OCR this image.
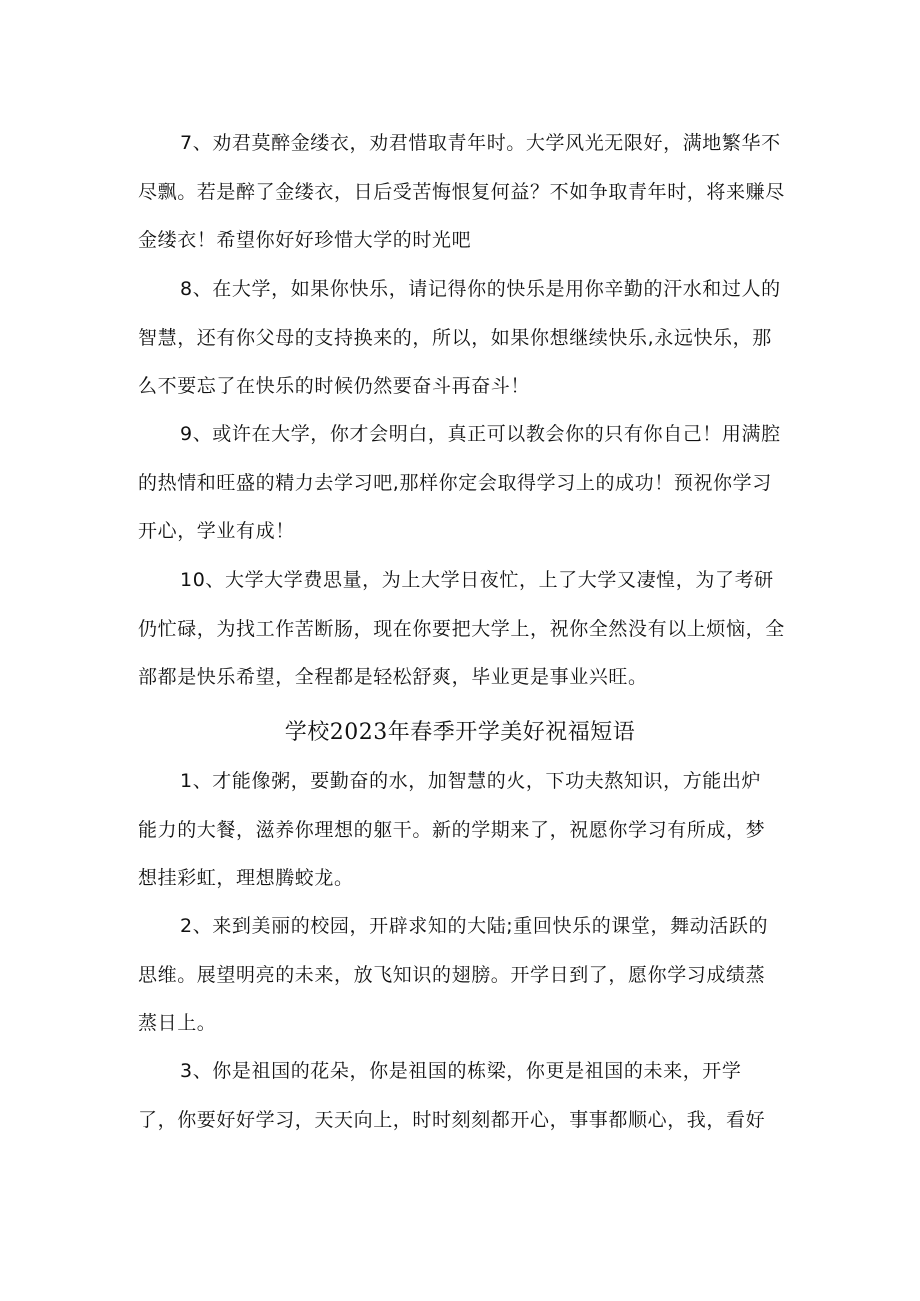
7、劝君莫醉金缕衣，劝君惜取青年时。大学风光无限好，满地繁华不
尽飘。若是醉了金缕衣，日后受苦悔恨复何益？不如争取青年时，将来赚尽
金缕衣！希望你好好珍惜大学的时光吧
8、在大学，如果你快乐，请记得你的快乐是用你辛勤的汗水和过人的
智慧，还有你父母的支持换来的，所以，如果你想继续快乐,永远快乐，那
么不要忘了在快乐的时候仍然要奋斗再奋斗！
9、或许在大学，你才会明白，真正可以教会你的只有你自己！用满腔
的热情和旺盛的精力去学习吧,那样你定会取得学习上的成功！预祝你学习
开心，学业有成！
10、大学大学费思量，为上大学日夜忙，上了大学又凄惶，为了考研
仍忙碌，为找工作苦断肠，现在你要把大学上，祝你全然没有以上烦恼，全
部都是快乐希望，全程都是轻松舒爽，毕业更是事业兴旺。
学校2023年春季开学美好祝福短语
1、才能像粥，要勤奋的水，加智慧的火，下功夫熬知识，方能出炉
能力的大餐，滋养你理想的躯干。新的学期来了，祝愿你学习有所成，梦
想挂彩虹，理想腾蛟龙。
2、来到美丽的校园，开辟求知的大陆;重回快乐的课堂，舞动活跃的
思维。展望明亮的未来，放飞知识的翅膀。开学日到了，愿你学习成绩蒸
蒸日上。
3、你是祖国的花朵，你是祖国的栋梁，你更是祖国的未来，开学
了，你要好好学习，天天向上，时时刻刻都开心，事事都顺心，我，看好
